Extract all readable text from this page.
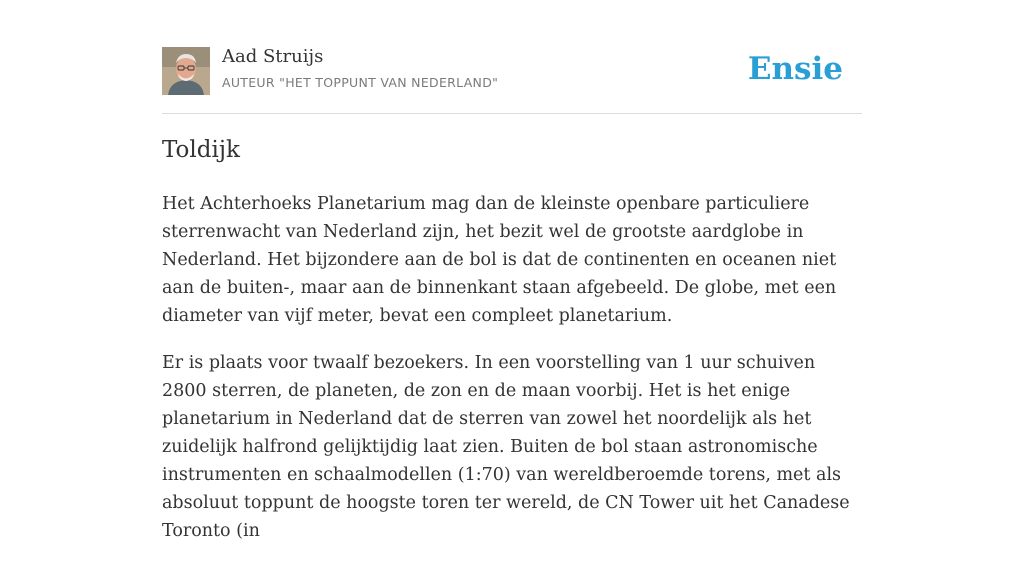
Aad Struijs
AUTEUR "HET TOPPUNT VAN NEDERLAND"	Ensie
Toldijk

Het Achterhoeks Planetarium mag dan de kleinste openbare particuliere sterrenwacht van Nederland zijn, het bezit wel de grootste aardglobe in Nederland. Het bijzondere aan de bol is dat de continenten en oceanen niet aan de buiten-, maar aan de binnenkant staan afgebeeld. De globe, met een diameter van vijf meter, bevat een compleet planetarium.

Er is plaats voor twaalf bezoekers. In een voorstelling van 1 uur schuiven 2800 sterren, de planeten, de zon en de maan voorbij. Het is het enige planetarium in Nederland dat de sterren van zowel het noordelijk als het zuidelijk halfrond gelijktijdig laat zien. Buiten de bol staan astronomische instrumenten en schaalmodellen (1:70) van wereldberoemde torens, met als absoluut toppunt de hoogste toren ter wereld, de CN Tower uit het Canadese Toronto (in
